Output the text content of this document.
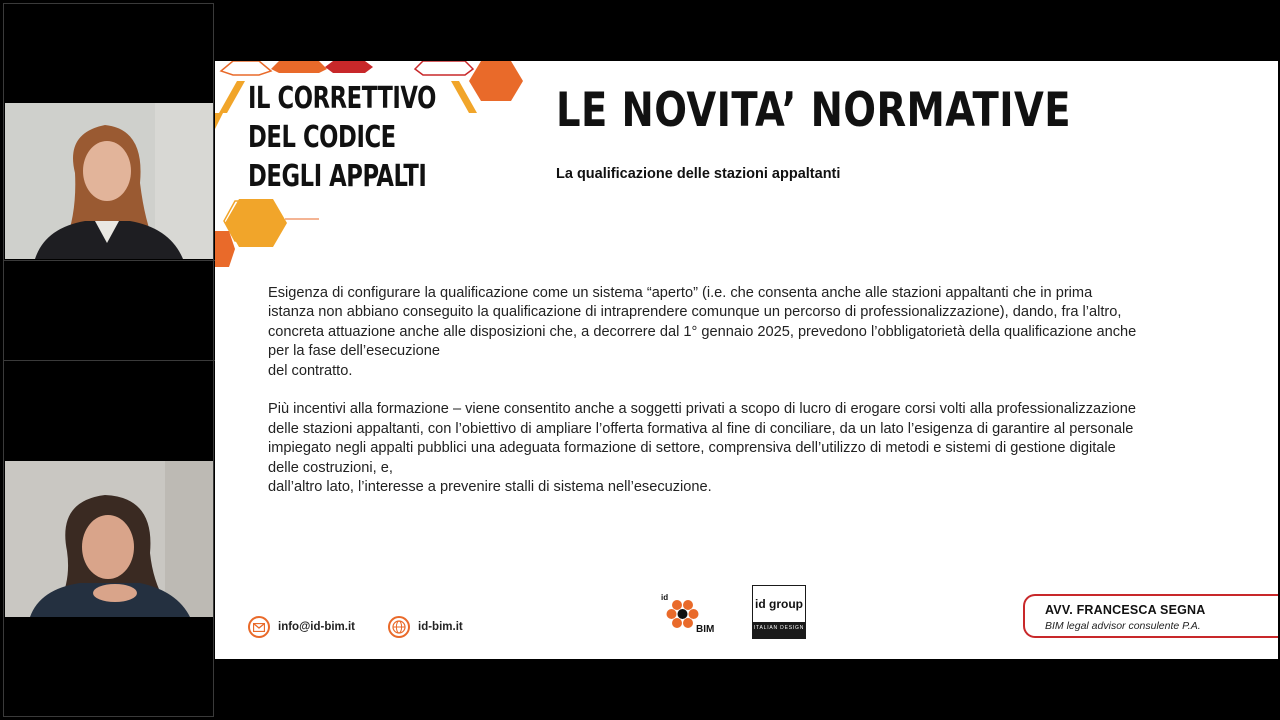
IL CORRETTIVO DEL CODICE DEGLI APPALTI
LE NOVITA’ NORMATIVE
La qualificazione delle stazioni appaltanti

Esigenza di configurare la qualificazione come un sistema “aperto” (i.e. che consenta anche alle stazioni appaltanti che in prima
istanza non abbiano conseguito la qualificazione di intraprendere comunque un percorso di professionalizzazione), dando, fra l’altro,
concreta attuazione anche alle disposizioni che, a decorrere dal 1° gennaio 2025, prevedono l’obbligatorietà della qualificazione anche
per la fase dell’esecuzione
del contratto.

Più incentivi alla formazione – viene consentito anche a soggetti privati a scopo di lucro di erogare corsi volti alla professionalizzazione
delle stazioni appaltanti, con l’obiettivo di ampliare l’offerta formativa al fine di conciliare, da un lato l’esigenza di garantire al personale
impiegato negli appalti pubblici una adeguata formazione di settore, comprensiva dell’utilizzo di metodi e sistemi di gestione digitale
delle costruzioni, e,
dall’altro lato, l’interesse a prevenire stalli di sistema nell’esecuzione.

info@id-bim.it	id-bim.it
id
BIM
id group
ITALIAN DESIGN
AVV. FRANCESCA SEGNA
BIM legal advisor consulente P.A.
